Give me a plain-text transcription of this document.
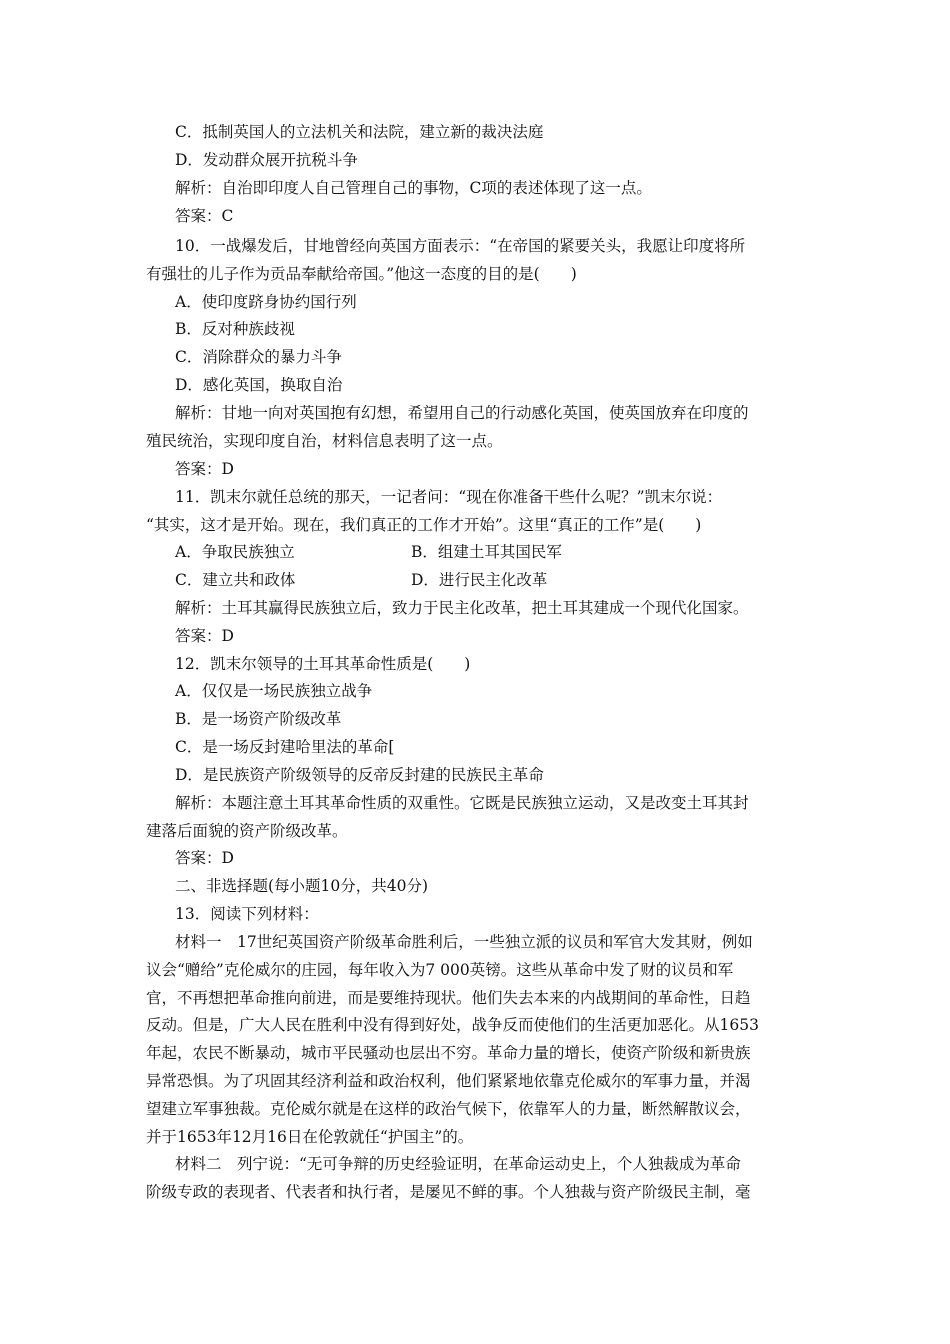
C．抵制英国人的立法机关和法院，建立新的裁决法庭
D．发动群众展开抗税斗争
解析：自治即印度人自己管理自己的事物，C项的表述体现了这一点。
答案：C
10．一战爆发后，甘地曾经向英国方面表示：“在帝国的紧要关头，我愿让印度将所
有强壮的儿子作为贡品奉献给帝国。”他这一态度的目的是(　　)
A．使印度跻身协约国行列
B．反对种族歧视
C．消除群众的暴力斗争
D．感化英国，换取自治
解析：甘地一向对英国抱有幻想，希望用自己的行动感化英国，使英国放弃在印度的
殖民统治，实现印度自治，材料信息表明了这一点。
答案：D
11．凯末尔就任总统的那天，一记者问：“现在你准备干些什么呢？”凯末尔说：
“其实，这才是开始。现在，我们真正的工作才开始”。这里“真正的工作”是(　　)
A．争取民族独立	B．组建土耳其国民军
C．建立共和政体	D．进行民主化改革
解析：土耳其赢得民族独立后，致力于民主化改革，把土耳其建成一个现代化国家。
答案：D
12．凯末尔领导的土耳其革命性质是(　　)
A．仅仅是一场民族独立战争
B．是一场资产阶级改革
C．是一场反封建哈里法的革命[
D．是民族资产阶级领导的反帝反封建的民族民主革命
解析：本题注意土耳其革命性质的双重性。它既是民族独立运动，又是改变土耳其封
建落后面貌的资产阶级改革。
答案：D
二、非选择题(每小题10分，共40分)
13．阅读下列材料：
材料一　17世纪英国资产阶级革命胜利后，一些独立派的议员和军官大发其财，例如
议会“赠给”克伦威尔的庄园，每年收入为7 000英镑。这些从革命中发了财的议员和军
官，不再想把革命推向前进，而是要维持现状。他们失去本来的内战期间的革命性，日趋
反动。但是，广大人民在胜利中没有得到好处，战争反而使他们的生活更加恶化。从1653
年起，农民不断暴动，城市平民骚动也层出不穷。革命力量的增长，使资产阶级和新贵族
异常恐惧。为了巩固其经济利益和政治权利，他们紧紧地依靠克伦威尔的军事力量，并渴
望建立军事独裁。克伦威尔就是在这样的政治气候下，依靠军人的力量，断然解散议会，
并于1653年12月16日在伦敦就任“护国主”的。
材料二　列宁说：“无可争辩的历史经验证明，在革命运动史上，个人独裁成为革命
阶级专政的表现者、代表者和执行者，是屡见不鲜的事。个人独裁与资产阶级民主制，毫
